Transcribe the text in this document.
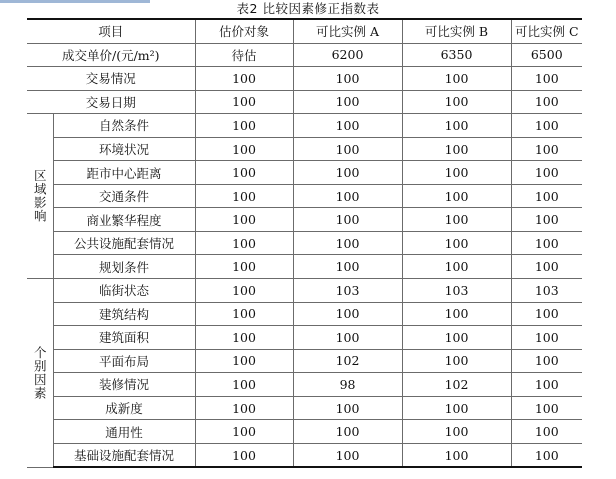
表2 比较因素修正指数表
项目		估价对象	可比实例 A	可比实例 B	可比实例 C
成交单价/(元/m²)		待估	6200	6350	6500
交易情况		100	100	100	100
交易日期		100	100	100	100

区域影响	自然条件	100	100	100	100
	环境状况	100	100	100	100
	距市中心距离	100	100	100	100
	交通条件	100	100	100	100
	商业繁华程度	100	100	100	100
	公共设施配套情况	100	100	100	100
	规划条件	100	100	100	100

个别因素	临街状态	100	103	103	103
	建筑结构	100	100	100	100
	建筑面积	100	100	100	100
	平面布局	100	102	100	100
	装修情况	100	98	102	100
	成新度	100	100	100	100
	通用性	100	100	100	100
	基础设施配套情况	100	100	100	100
